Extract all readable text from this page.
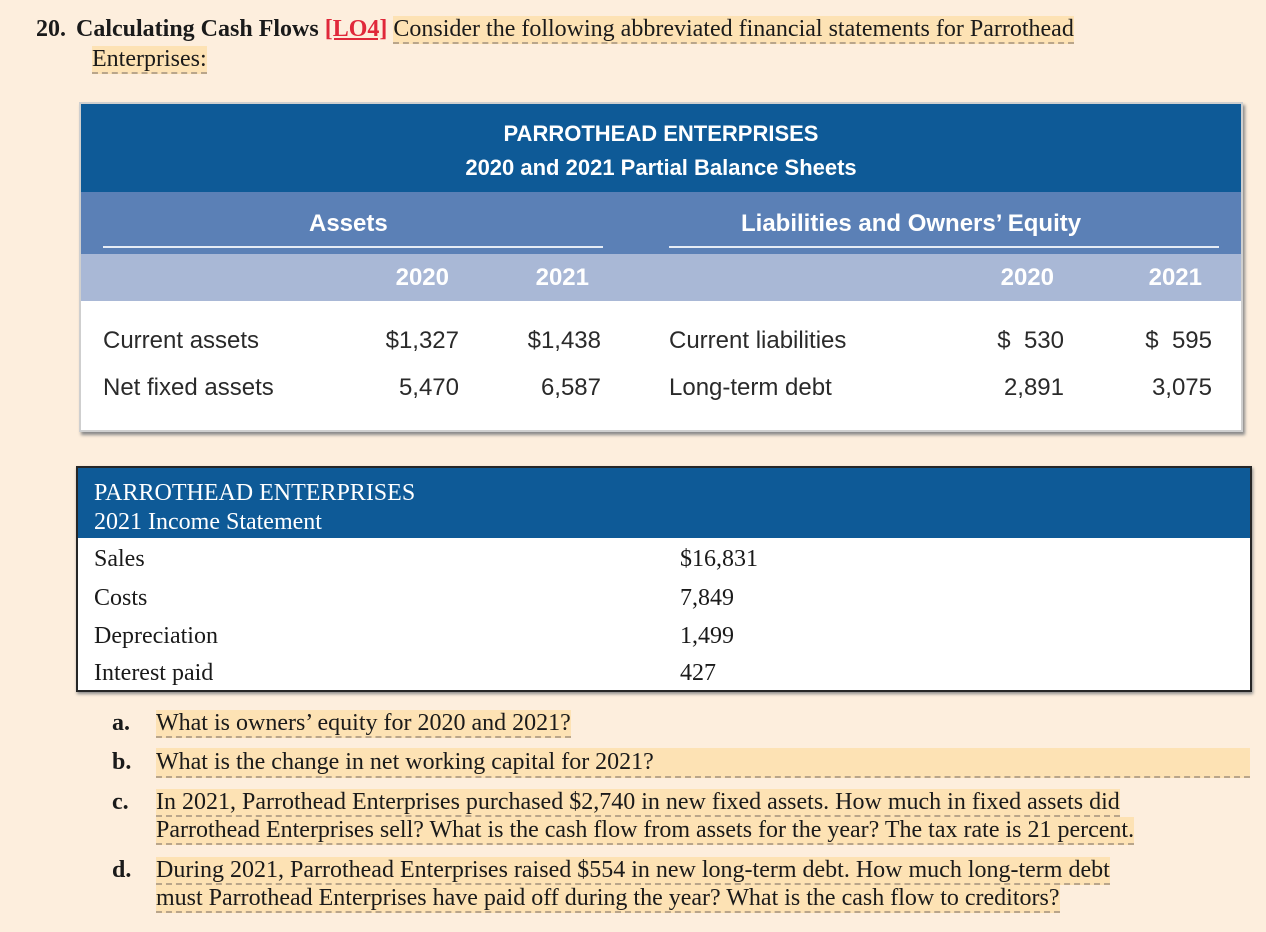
20. Calculating Cash Flows [LO4] Consider the following abbreviated financial statements for Parrothead
Enterprises:
PARROTHEAD ENTERPRISES
2020 and 2021 Partial Balance Sheets
Assets	Liabilities and Owners’ Equity
2020	2021	2020	2021
Current assets	$1,327	$1,438	Current liabilities	$  530	$  595
Net fixed assets	5,470	6,587	Long-term debt	2,891	3,075
PARROTHEAD ENTERPRISES
2021 Income Statement
Sales	$16,831
Costs	7,849
Depreciation	1,499
Interest paid	427
a. What is owners’ equity for 2020 and 2021?
b. What is the change in net working capital for 2021?
c. In 2021, Parrothead Enterprises purchased $2,740 in new fixed assets. How much in fixed assets did
Parrothead Enterprises sell? What is the cash flow from assets for the year? The tax rate is 21 percent.
d. During 2021, Parrothead Enterprises raised $554 in new long-term debt. How much long-term debt
must Parrothead Enterprises have paid off during the year? What is the cash flow to creditors?
